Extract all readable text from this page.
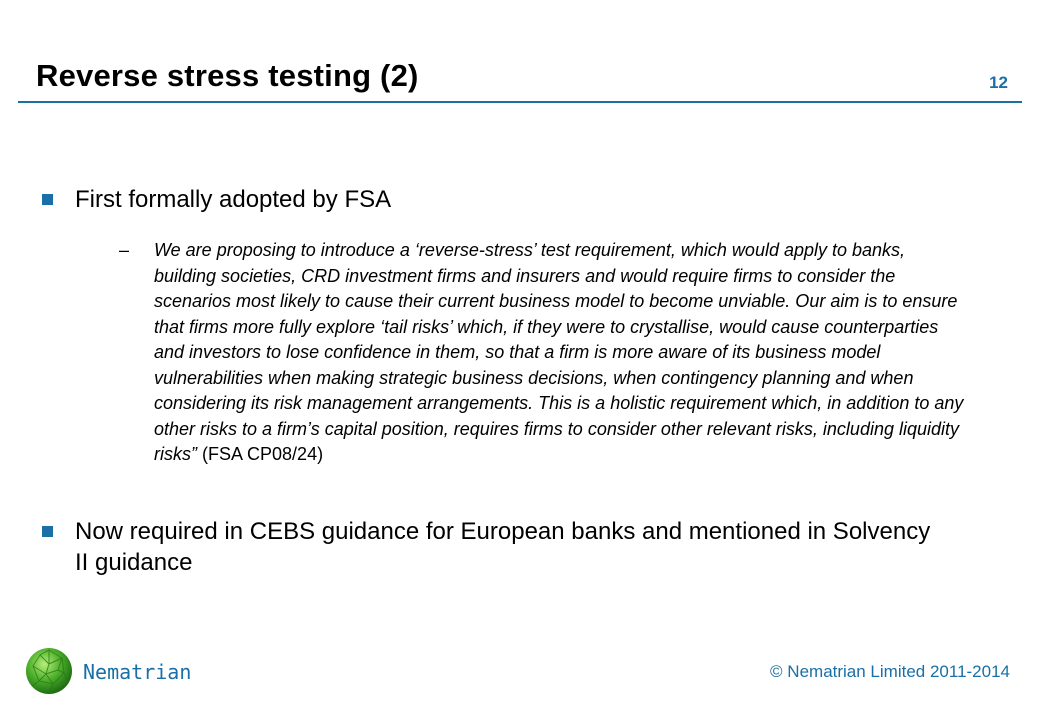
Reverse stress testing (2)	12
First formally adopted by FSA
–	We are proposing to introduce a ‘reverse-stress’ test requirement, which would apply to banks, building societies, CRD investment firms and insurers and would require firms to consider the scenarios most likely to cause their current business model to become unviable. Our aim is to ensure that firms more fully explore ‘tail risks’ which, if they were to crystallise, would cause counterparties and investors to lose confidence in them, so that a firm is more aware of its business model vulnerabilities when making strategic business decisions, when contingency planning and when considering its risk management arrangements. This is a holistic requirement which, in addition to any other risks to a firm’s capital position, requires firms to consider other relevant risks, including liquidity risks” (FSA CP08/24)
Now required in CEBS guidance for European banks and mentioned in Solvency II guidance
Nematrian	© Nematrian Limited 2011-2014
